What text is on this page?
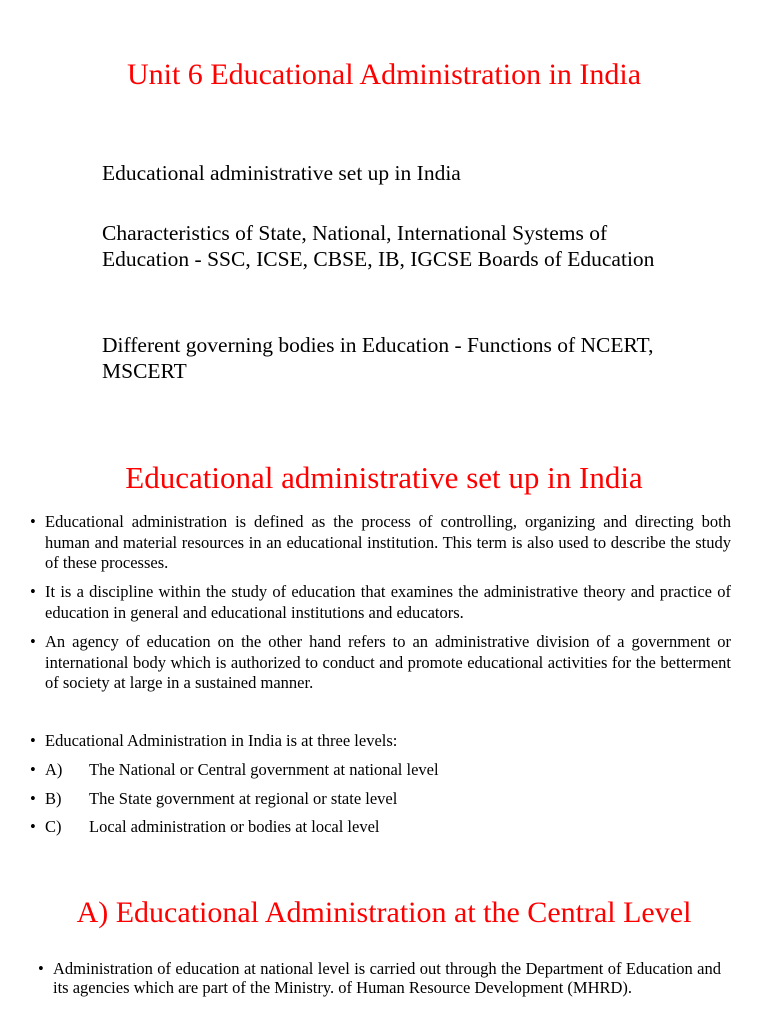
Unit 6 Educational Administration in India
Educational administrative set up in India
Characteristics of State, National, International Systems of Education - SSC, ICSE, CBSE, IB, IGCSE Boards of Education
Different governing bodies in Education - Functions of NCERT, MSCERT
Educational administrative set up in India
• Educational administration is defined as the process of controlling, organizing and directing both human and material resources in an educational institution. This term is also used to describe the study of these processes.
• It is a discipline within the study of education that examines the administrative theory and practice of education in general and educational institutions and educators.
• An agency of education on the other hand refers to an administrative division of a government or international body which is authorized to conduct and promote educational activities for the betterment of society at large in a sustained manner.
• Educational Administration in India is at three levels:
• A) The National or Central government at national level
• B) The State government at regional or state level
• C) Local administration or bodies at local level
A) Educational Administration at the Central Level
• Administration of education at national level is carried out through the Department of Education and its agencies which are part of the Ministry. of Human Resource Development (MHRD).
